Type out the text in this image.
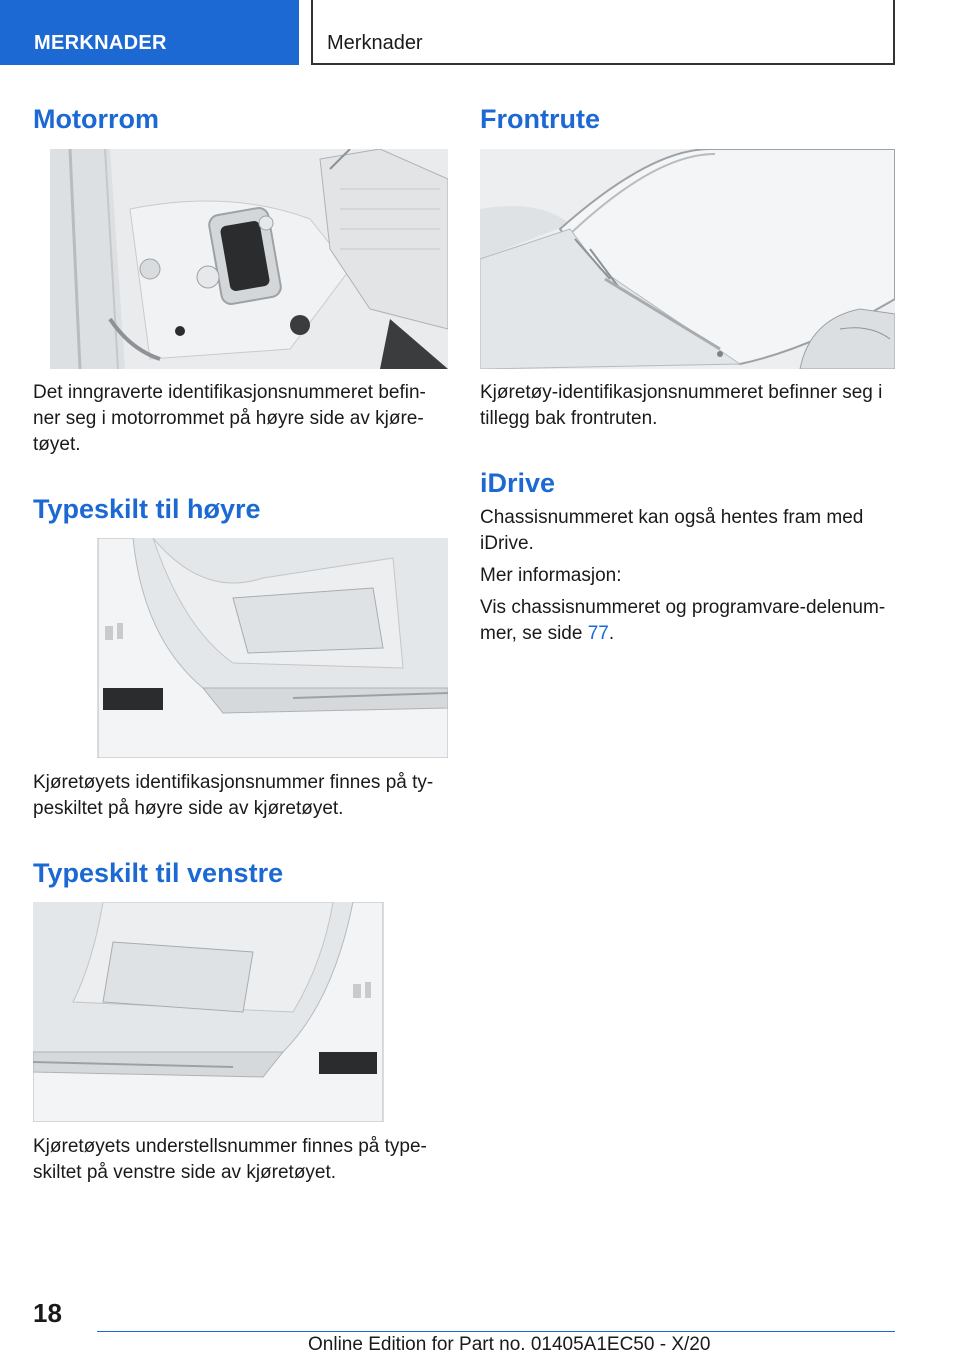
MERKNADER	Merknader
Motorrom

Det inngraverte identifikasjonsnummeret befin-
ner seg i motorrommet på høyre side av kjøre-
tøyet.

Typeskilt til høyre

Kjøretøyets identifikasjonsnummer finnes på ty-
peskiltet på høyre side av kjøretøyet.

Typeskilt til venstre

Kjøretøyets understellsnummer finnes på type-
skiltet på venstre side av kjøretøyet.

Frontrute

Kjøretøy-identifikasjonsnummeret befinner seg i
tillegg bak frontruten.

iDrive

Chassisnummeret kan også hentes fram med
iDrive.

Mer informasjon:

Vis chassisnummeret og programvare-delenum-
mer, se side 77.

18
Online Edition for Part no. 01405A1EC50 - X/20
